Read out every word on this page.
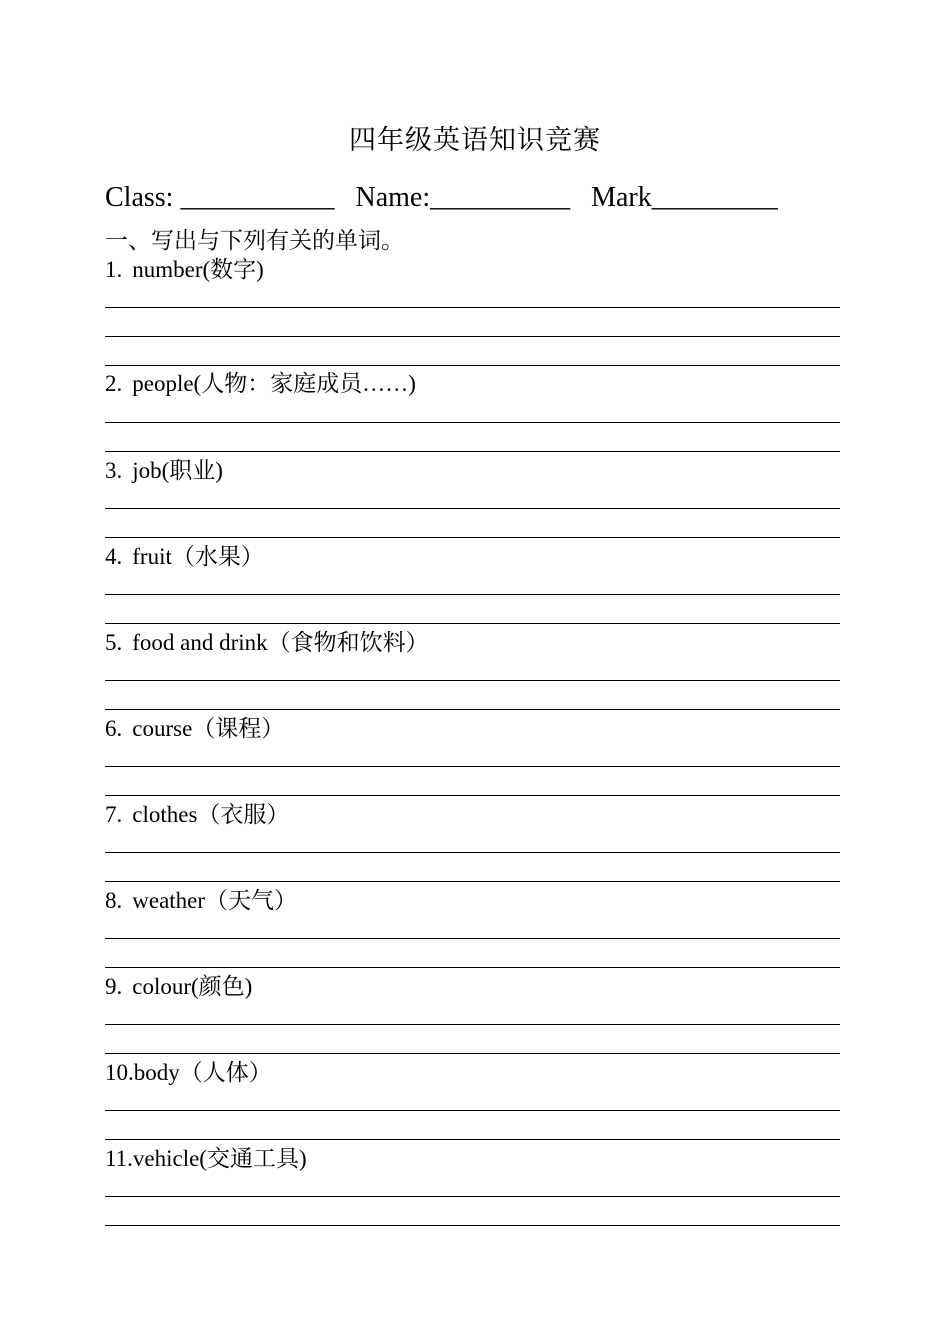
四年级英语知识竞赛
Class: ___________ Name:__________ Mark_________
一、写出与下列有关的单词。
1. number(数字)
2. people(人物：家庭成员……)
3. job(职业)
4. fruit（水果）
5. food and drink（食物和饮料）
6. course（课程）
7. clothes（衣服）
8. weather（天气）
9. colour(颜色)
10.body（人体）
11.vehicle(交通工具)
